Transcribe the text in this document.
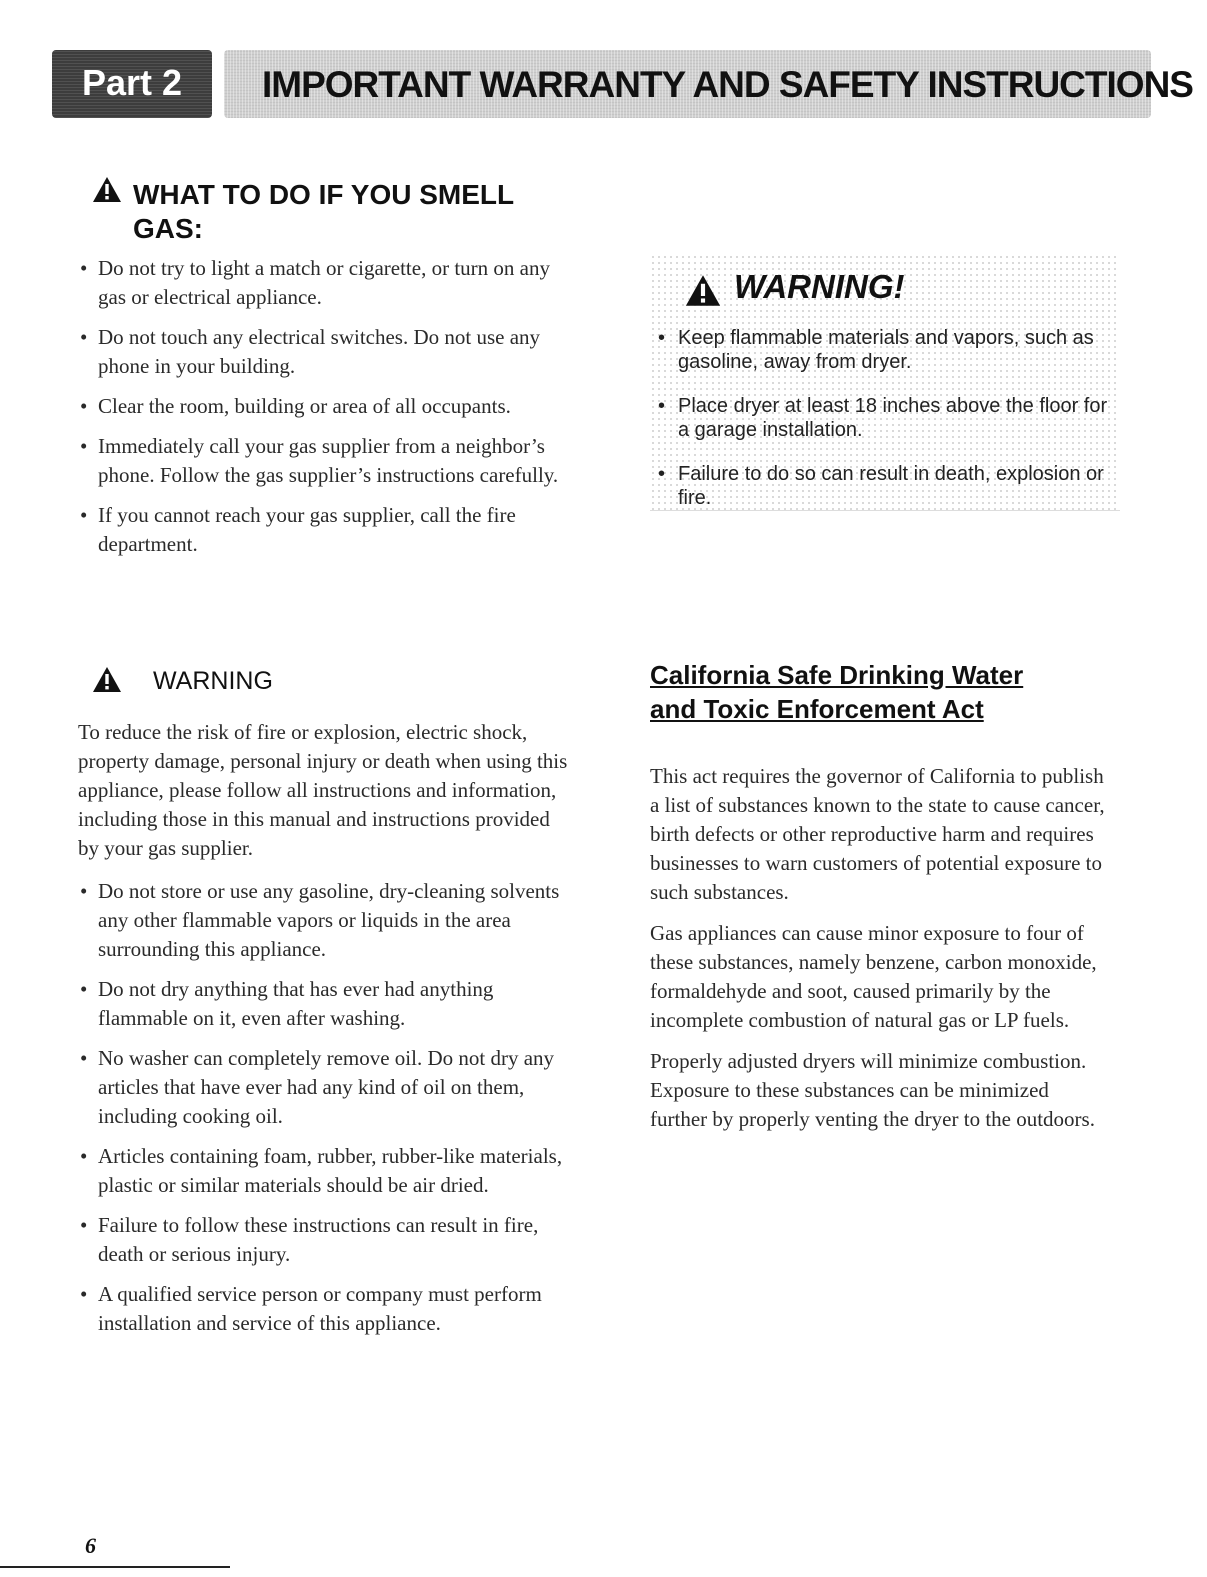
Part 2	IMPORTANT WARRANTY AND SAFETY INSTRUCTIONS
WHAT TO DO IF YOU SMELL
GAS:
• Do not try to light a match or cigarette, or turn on any gas or electrical appliance.
• Do not touch any electrical switches. Do not use any phone in your building.
• Clear the room, building or area of all occupants.
• Immediately call your gas supplier from a neighbor’s phone. Follow the gas supplier’s instructions carefully.
• If you cannot reach your gas supplier, call the fire department.
WARNING!
• Keep flammable materials and vapors, such as gasoline, away from dryer.
• Place dryer at least 18 inches above the floor for a garage installation.
• Failure to do so can result in death, explosion or fire.
WARNING

To reduce the risk of fire or explosion, electric shock, property damage, personal injury or death when using this appliance, please follow all instructions and information, including those in this manual and instructions provided by your gas supplier.

• Do not store or use any gasoline, dry-cleaning solvents any other flammable vapors or liquids in the area surrounding this appliance.
• Do not dry anything that has ever had anything flammable on it, even after washing.
• No washer can completely remove oil. Do not dry any articles that have ever had any kind of oil on them, including cooking oil.
• Articles containing foam, rubber, rubber-like materials, plastic or similar materials should be air dried.
• Failure to follow these instructions can result in fire, death or serious injury.
• A qualified service person or company must perform installation and service of this appliance.
California Safe Drinking Water
and Toxic Enforcement Act

This act requires the governor of California to publish a list of substances known to the state to cause cancer, birth defects or other reproductive harm and requires businesses to warn customers of potential exposure to such substances.

Gas appliances can cause minor exposure to four of these substances, namely benzene, carbon monoxide, formaldehyde and soot, caused primarily by the incomplete combustion of natural gas or LP fuels.

Properly adjusted dryers will minimize combustion. Exposure to these substances can be minimized further by properly venting the dryer to the outdoors.

6
